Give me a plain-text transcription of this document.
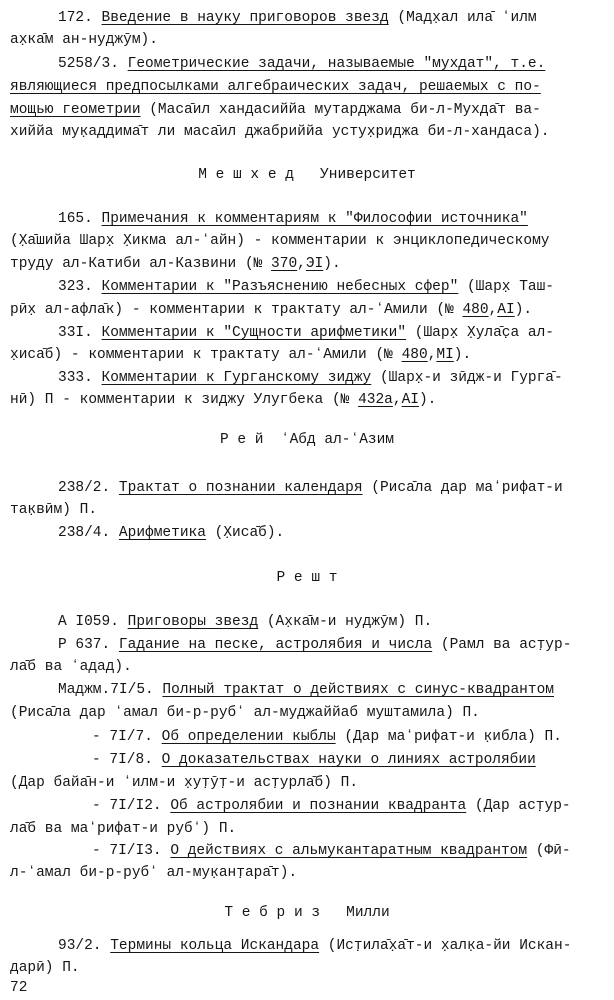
172. Введение в науку приговоров звезд (Мадх̣ал ила̄ ʻилм
ах̣ка̄м ан-нуджӯм).
5258/3. Геометрические задачи, называемые "мухдат", т.е.
являющиеся предпосылками алгебраических задач, решаемых с по-
мощью геометрии (Маса̄ил хандасиййа мутарджама би-л-Мухда̄т ва-
хиййа мук̣аддима̄т ли маса̄ил джабриййа устух̣риджа би-л-хандаса).
М е ш х е д   Университет
165. Примечания к комментариям к "Философии источника"
(Х̣а̄шийа Шарх̣ Х̣икма ал-ʻайн) - комментарии к энциклопедическому
труду ал-Катиби ал-Казвини (№ 370,ЭI).
323. Комментарии к "Разъяснению небесных сфер" (Шарх̣ Таш-
рӣх̣ ал-афла̄к) - комментарии к трактату ал-ʻАмили (№ 480,АI).
33I. Комментарии к "Сущности арифметики" (Шарх̣ Х̣ула̄с̣а ал-
х̣иса̄б) - комментарии к трактату ал-ʻАмили (№ 480,МI).
333. Комментарии к Гурганскому зиджу (Шарх̣-и зӣдж-и Гурга̄-
нӣ) П - комментарии к зиджу Улугбека (№ 432а,АI).
Р е й  ʻАбд ал-ʻАзим
238/2. Трактат о познании календаря (Риса̄ла дар маʻрифат-и
так̣вӣм) П.
238/4. Арифметика (Х̣иса̄б).
Р е ш т
А I059. Приговоры звезд (Ах̣ка̄м-и нуджӯм) П.
Р 637. Гадание на песке, астролябия и числа (Рамл ва аст̣ур-
ла̄б ва ʻадад).
Маджм.7I/5. Полный трактат о действиях с синус-квадрантом
(Риса̄ла дар ʻамал би-р-рубʻ ал-муджаййаб муштамила) П.
- 7I/7. Об определении кыблы (Дар маʻрифат-и к̣ибла) П.
- 7I/8. О доказательствах науки о линиях астролябии
(Дар байа̄н-и ʻилм-и х̣ут̣ӯт̣-и аст̣урла̄б) П.
- 7I/I2. Об астролябии и познании квадранта (Дар аст̣ур-
ла̄б ва маʻрифат-и рубʻ) П.
- 7I/I3. О действиях с альмукантаратным квадрантом (Фӣ-
л-ʻамал би-р-рубʻ ал-мук̣ант̣ара̄т).
Т е б р и з   Милли
93/2. Термины кольца Искандара (Ист̣ила̄х̣а̄т-и х̣алк̣а-йи Искан-
дарӣ) П.
72
